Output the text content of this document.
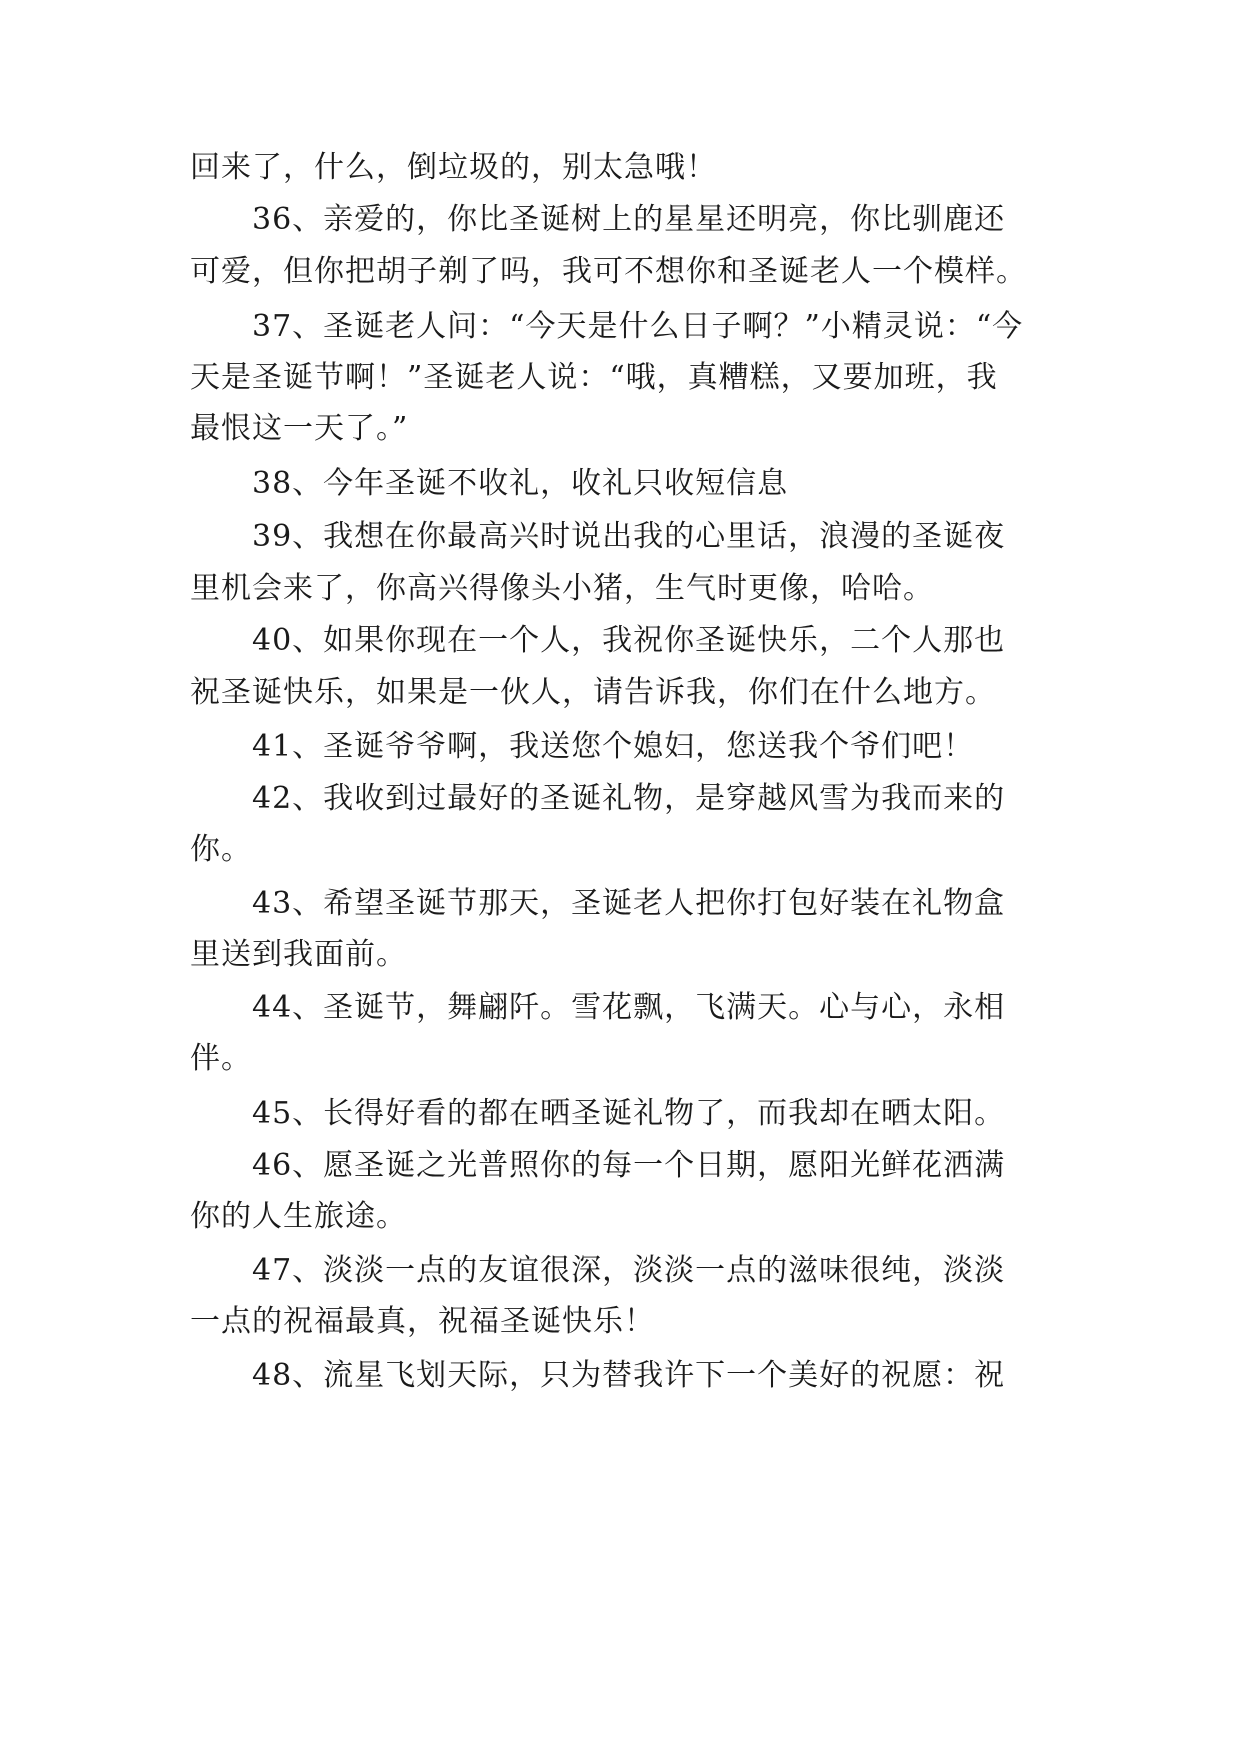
回来了，什么，倒垃圾的，别太急哦！
36、亲爱的，你比圣诞树上的星星还明亮，你比驯鹿还
可爱，但你把胡子剃了吗，我可不想你和圣诞老人一个模样。
37、圣诞老人问：“今天是什么日子啊？”小精灵说：“今
天是圣诞节啊！”圣诞老人说：“哦，真糟糕，又要加班，我
最恨这一天了。”
38、今年圣诞不收礼，收礼只收短信息
39、我想在你最高兴时说出我的心里话，浪漫的圣诞夜
里机会来了，你高兴得像头小猪，生气时更像，哈哈。
40、如果你现在一个人，我祝你圣诞快乐，二个人那也
祝圣诞快乐，如果是一伙人，请告诉我，你们在什么地方。
41、圣诞爷爷啊，我送您个媳妇，您送我个爷们吧！
42、我收到过最好的圣诞礼物，是穿越风雪为我而来的
你。
43、希望圣诞节那天，圣诞老人把你打包好装在礼物盒
里送到我面前。
44、圣诞节，舞翩阡。雪花飘，飞满天。心与心，永相
伴。
45、长得好看的都在晒圣诞礼物了，而我却在晒太阳。
46、愿圣诞之光普照你的每一个日期，愿阳光鲜花洒满
你的人生旅途。
47、淡淡一点的友谊很深，淡淡一点的滋味很纯，淡淡
一点的祝福最真，祝福圣诞快乐！
48、流星飞划天际，只为替我许下一个美好的祝愿：祝
